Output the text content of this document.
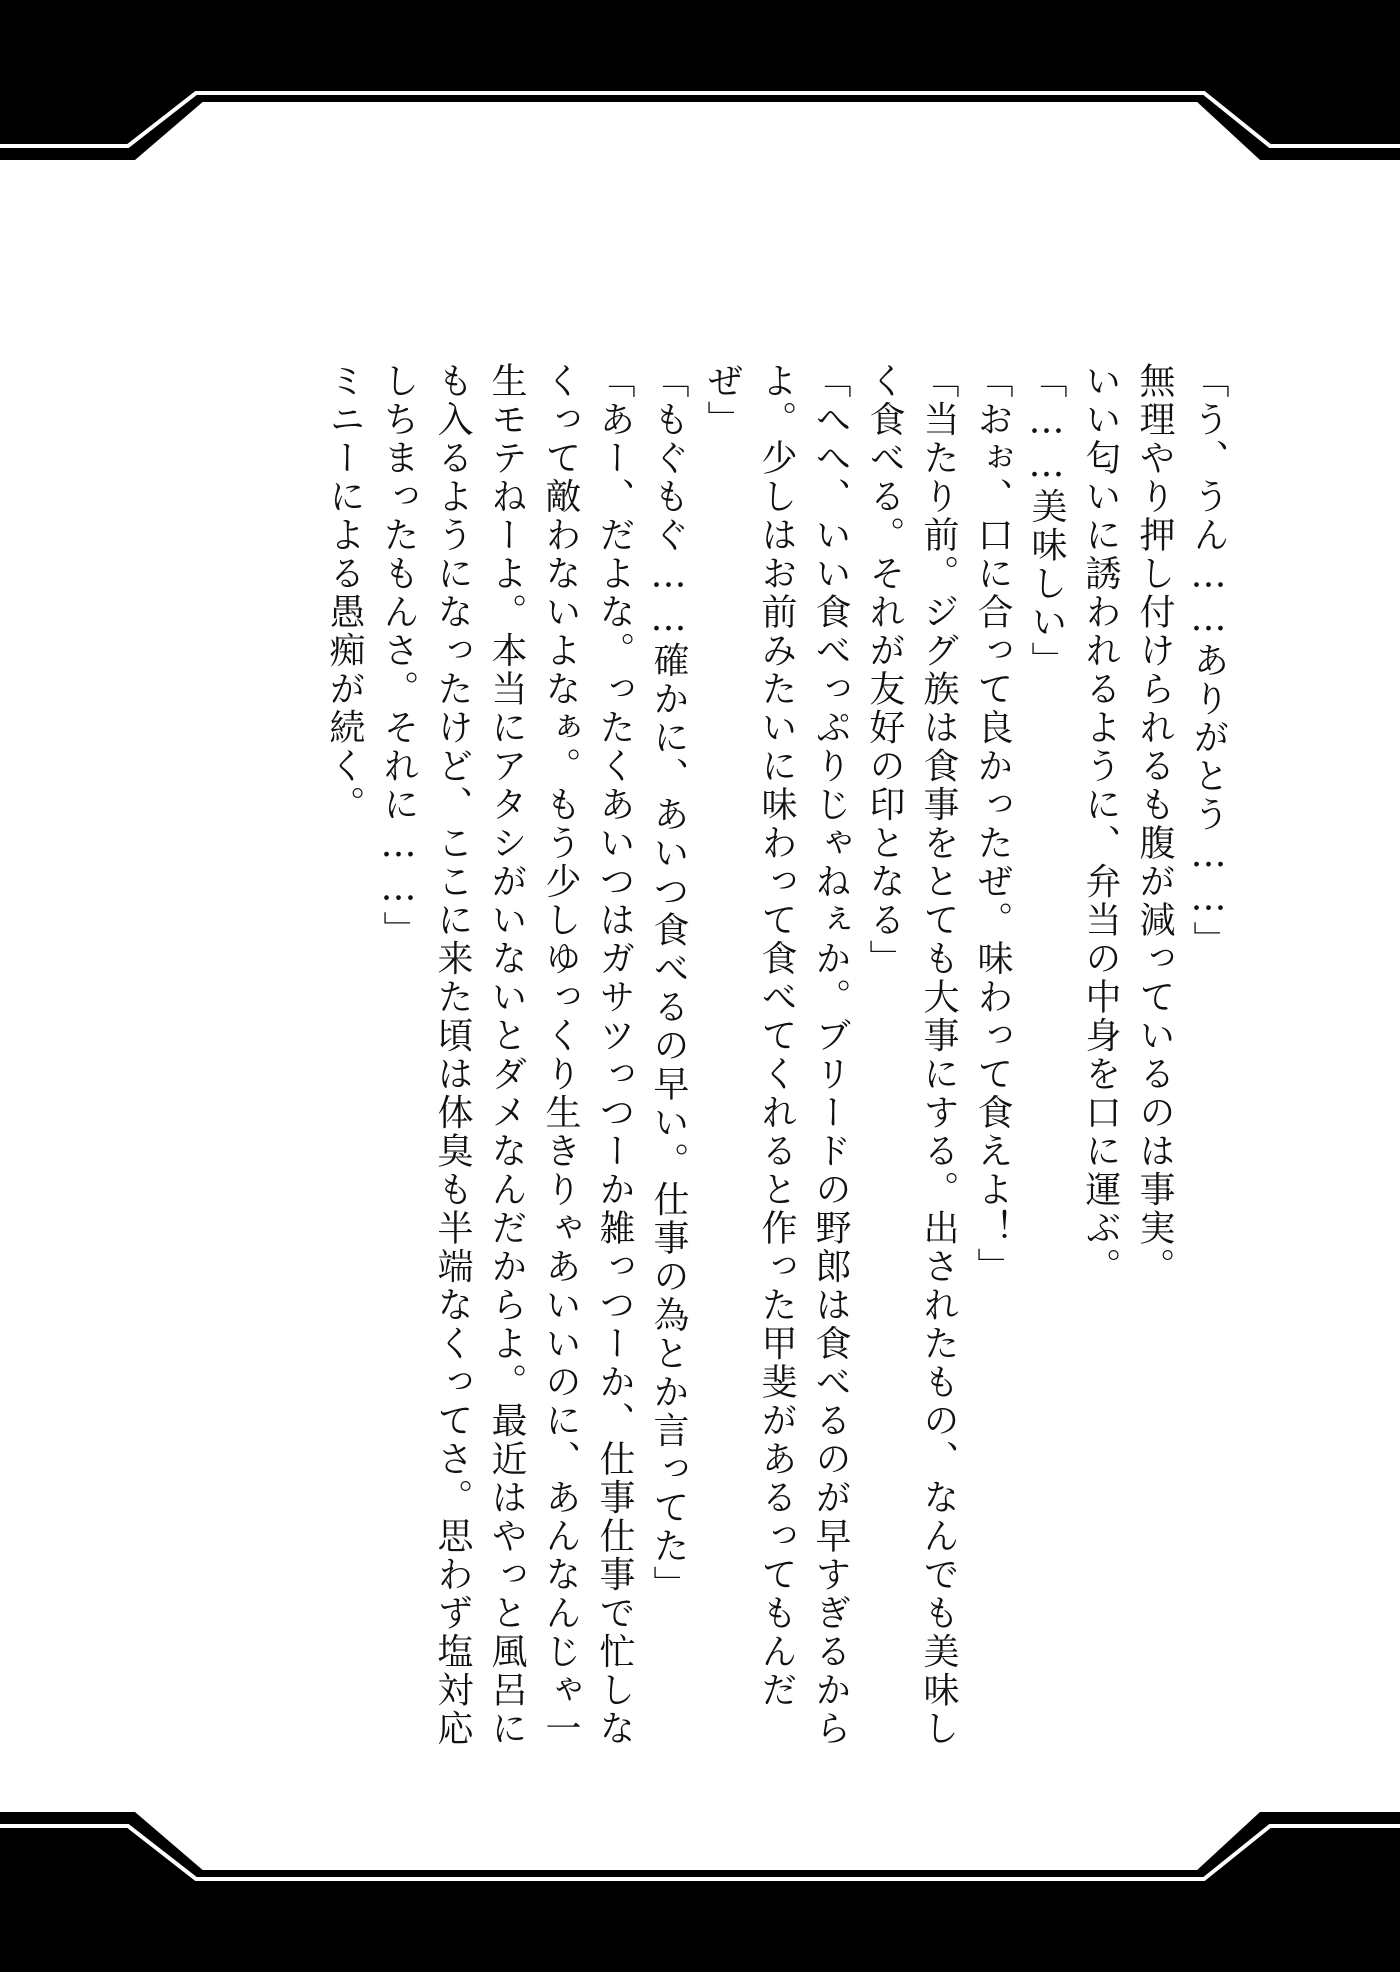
「う、うん……ありがとう……」

無理やり押し付けられるも腹が減っているのは事実。

いい匂いに誘われるように、弁当の中身を口に運ぶ。

「……美味しい」

「おぉ、口に合って良かったぜ。味わって食えよ！」

「当たり前。ジグ族は食事をとても大事にする。出されたもの、なんでも美味しく食べる。それが友好の印となる」

「へへ、いい食べっぷりじゃねぇか。ブリードの野郎は食べるのが早すぎるからよ。少しはお前みたいに味わって食べてくれると作った甲斐があるってもんだぜ」

「もぐもぐ……確かに、あいつ食べるの早い。仕事の為とか言ってた」

「あー、だよな。ったくあいつはガサツっつーか雑っつーか、仕事仕事で忙しなくって敵わないよなぁ。もう少しゆっくり生きりゃあいいのに、あんなんじゃ一生モテねーよ。本当にアタシがいないとダメなんだからよ。最近はやっと風呂にも入るようになったけど、ここに来た頃は体臭も半端なくってさ。思わず塩対応しちまったもんさ。それに……」

ミニーによる愚痴が続く。
